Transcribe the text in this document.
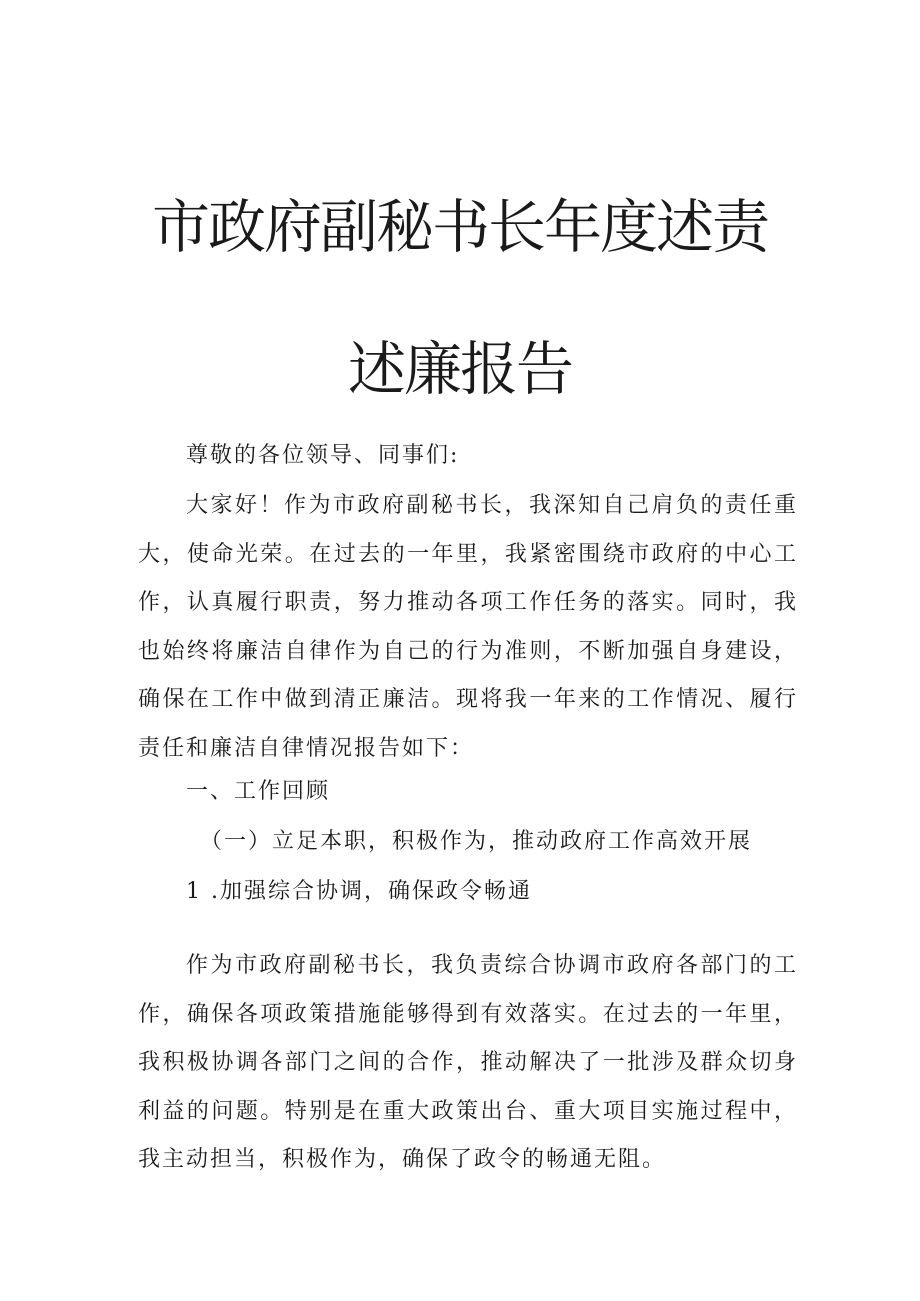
市政府副秘书长年度述责
述廉报告

尊敬的各位领导、同事们:

大家好！作为市政府副秘书长，我深知自己肩负的责任重大，使命光荣。在过去的一年里，我紧密围绕市政府的中心工作，认真履行职责，努力推动各项工作任务的落实。同时，我也始终将廉洁自律作为自己的行为准则，不断加强自身建设，确保在工作中做到清正廉洁。现将我一年来的工作情况、履行责任和廉洁自律情况报告如下：

一、工作回顾

（一）立足本职，积极作为，推动政府工作高效开展

1 .加强综合协调，确保政令畅通

作为市政府副秘书长，我负责综合协调市政府各部门的工作，确保各项政策措施能够得到有效落实。在过去的一年里，我积极协调各部门之间的合作，推动解决了一批涉及群众切身利益的问题。特别是在重大政策出台、重大项目实施过程中，我主动担当，积极作为，确保了政令的畅通无阻。
